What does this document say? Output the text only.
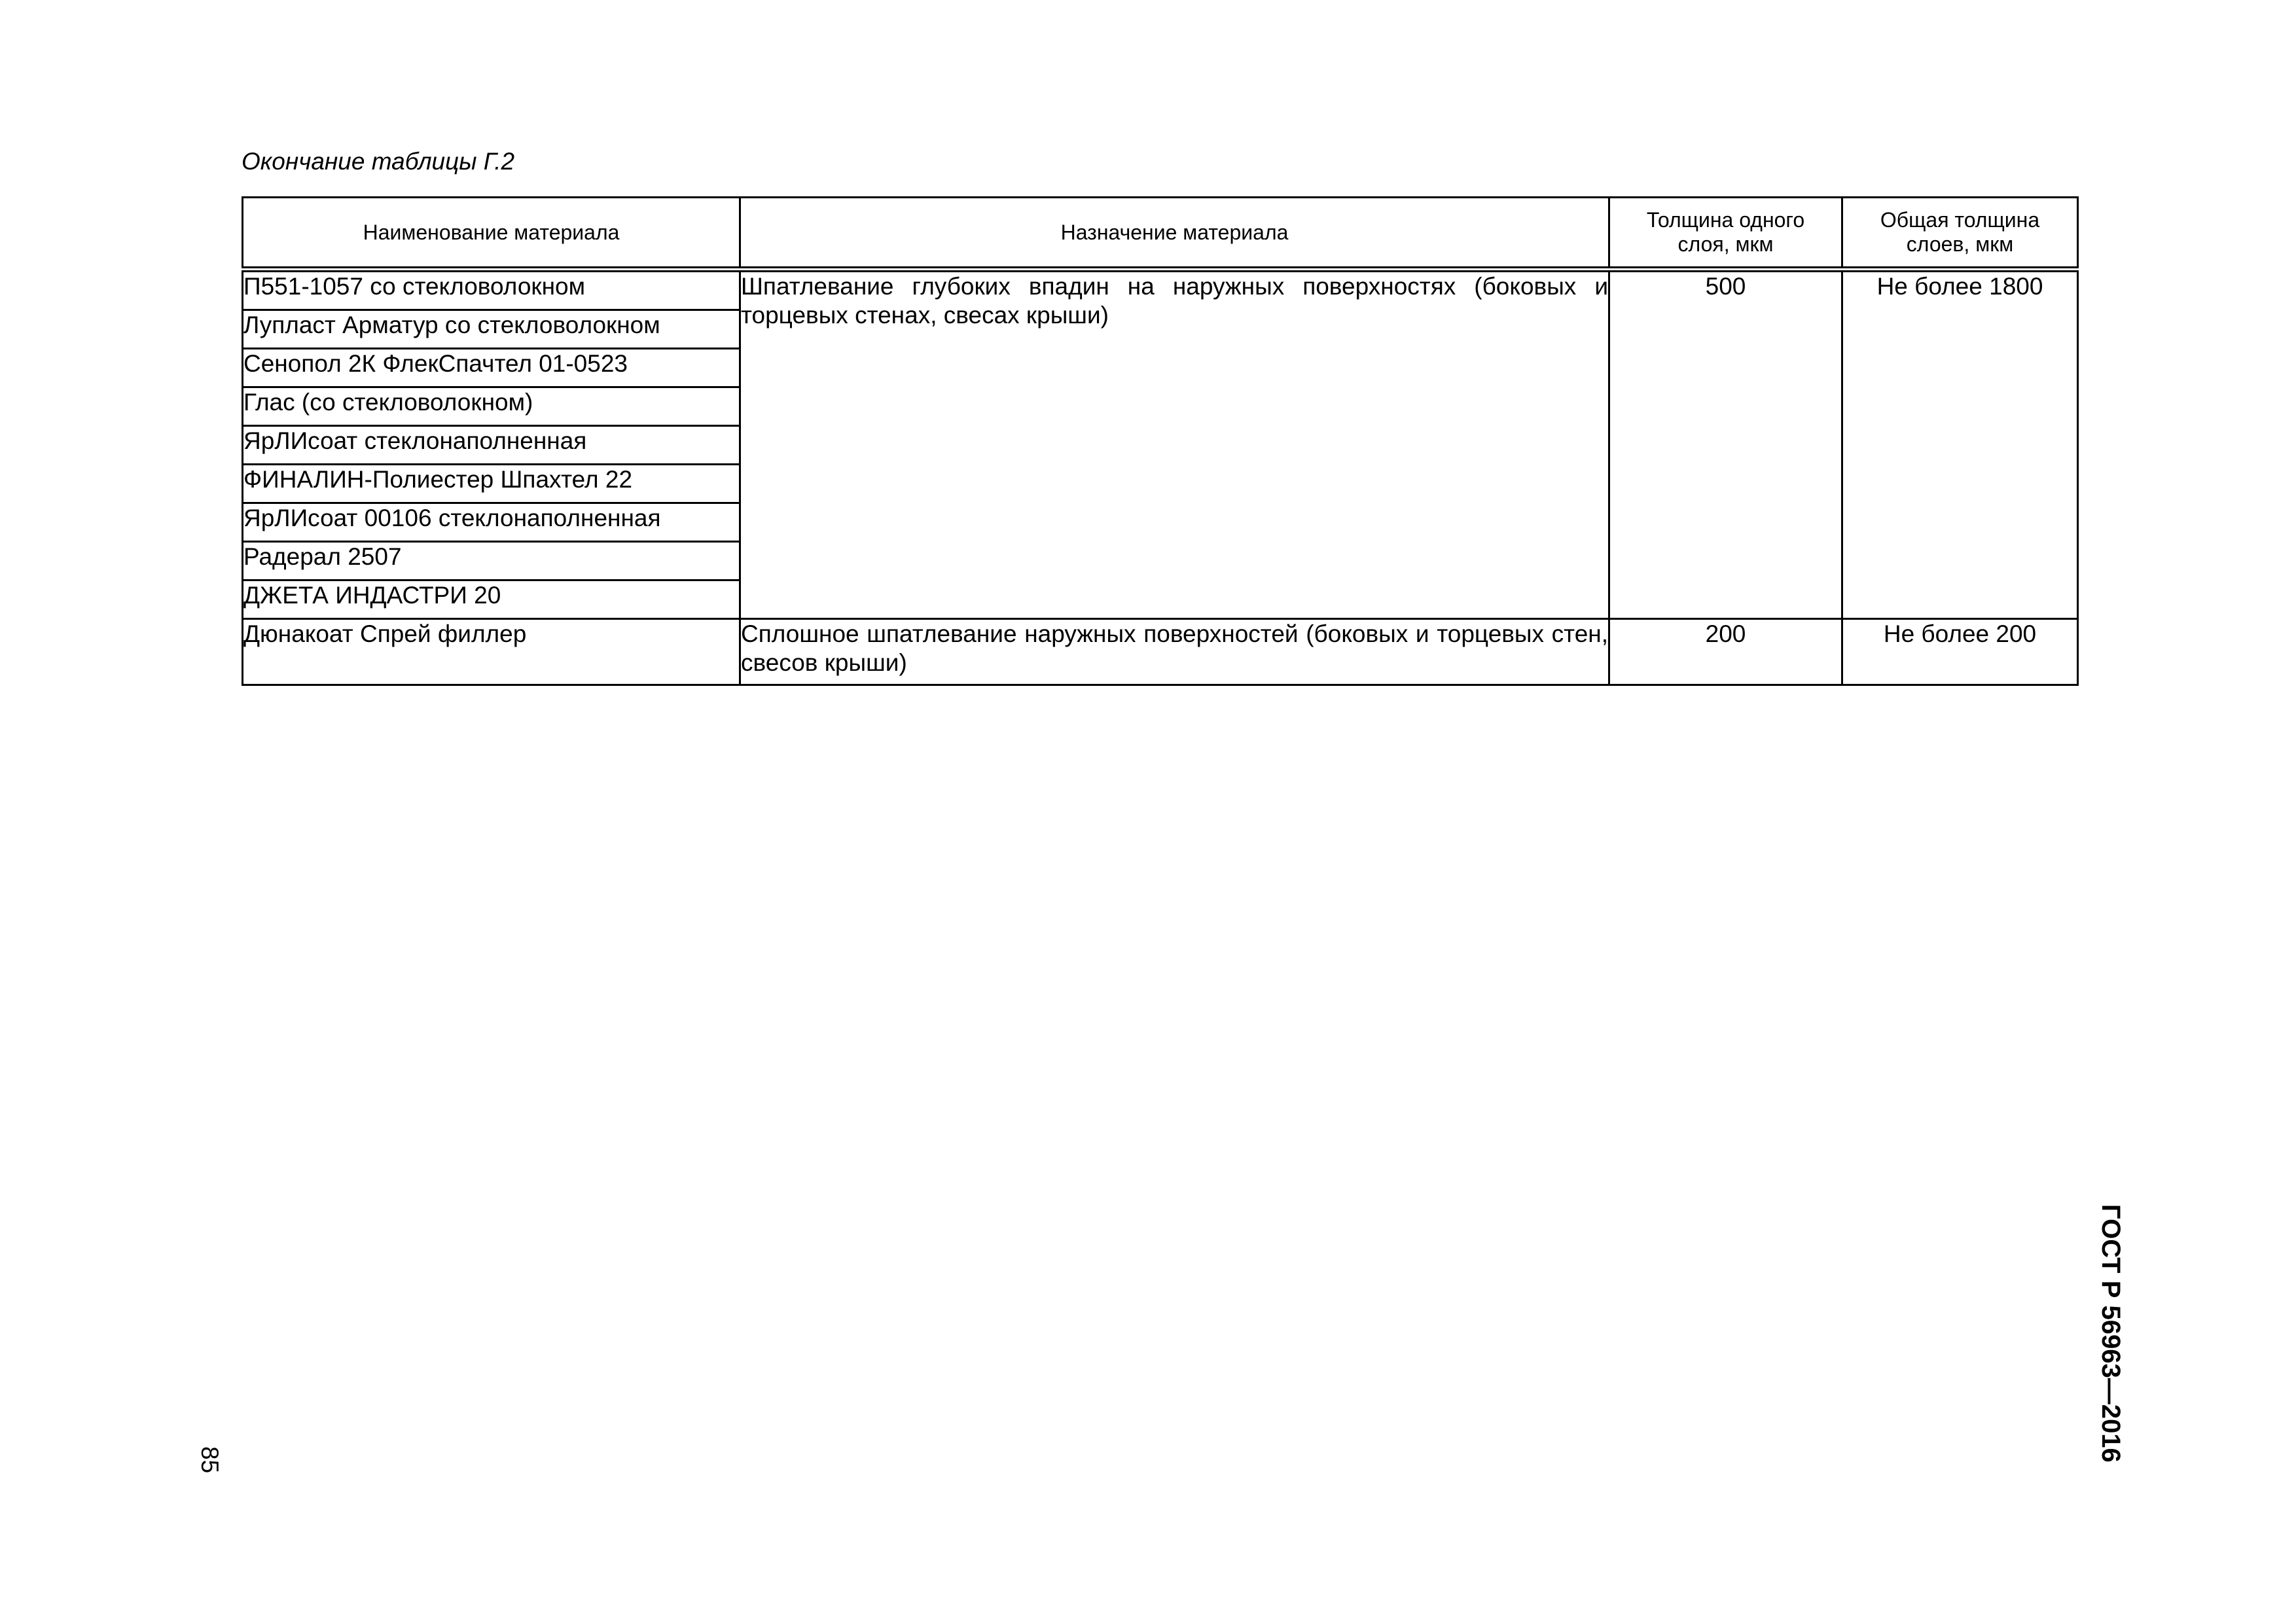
Окончание таблицы Г.2
Наименование материала	Назначение материала	Толщина одного слоя, мкм	Общая толщина слоев, мкм
П551-1057 со стекловолокном	Шпатлевание глубоких впадин на наружных поверхностях (боковых и торцевых стенах, свесах крыши)	500	Не более 1800
Лупласт Арматур со стекловолокном			
Сенопол 2К ФлекСпачтел 01-0523			
Глас (со стекловолокном)			
ЯрЛИсоат стеклонаполненная			
ФИНАЛИН-Полиестер Шпахтел 22			
ЯрЛИсоат 00106 стеклонаполненная			
Радерал 2507			
ДЖЕТА ИНДАСТРИ 20			
Дюнакоат Спрей филлер	Сплошное шпатлевание наружных поверхностей (боковых и торцевых стен, свесов крыши)	200	Не более 200
ГОСТ Р 56963—2016
85
